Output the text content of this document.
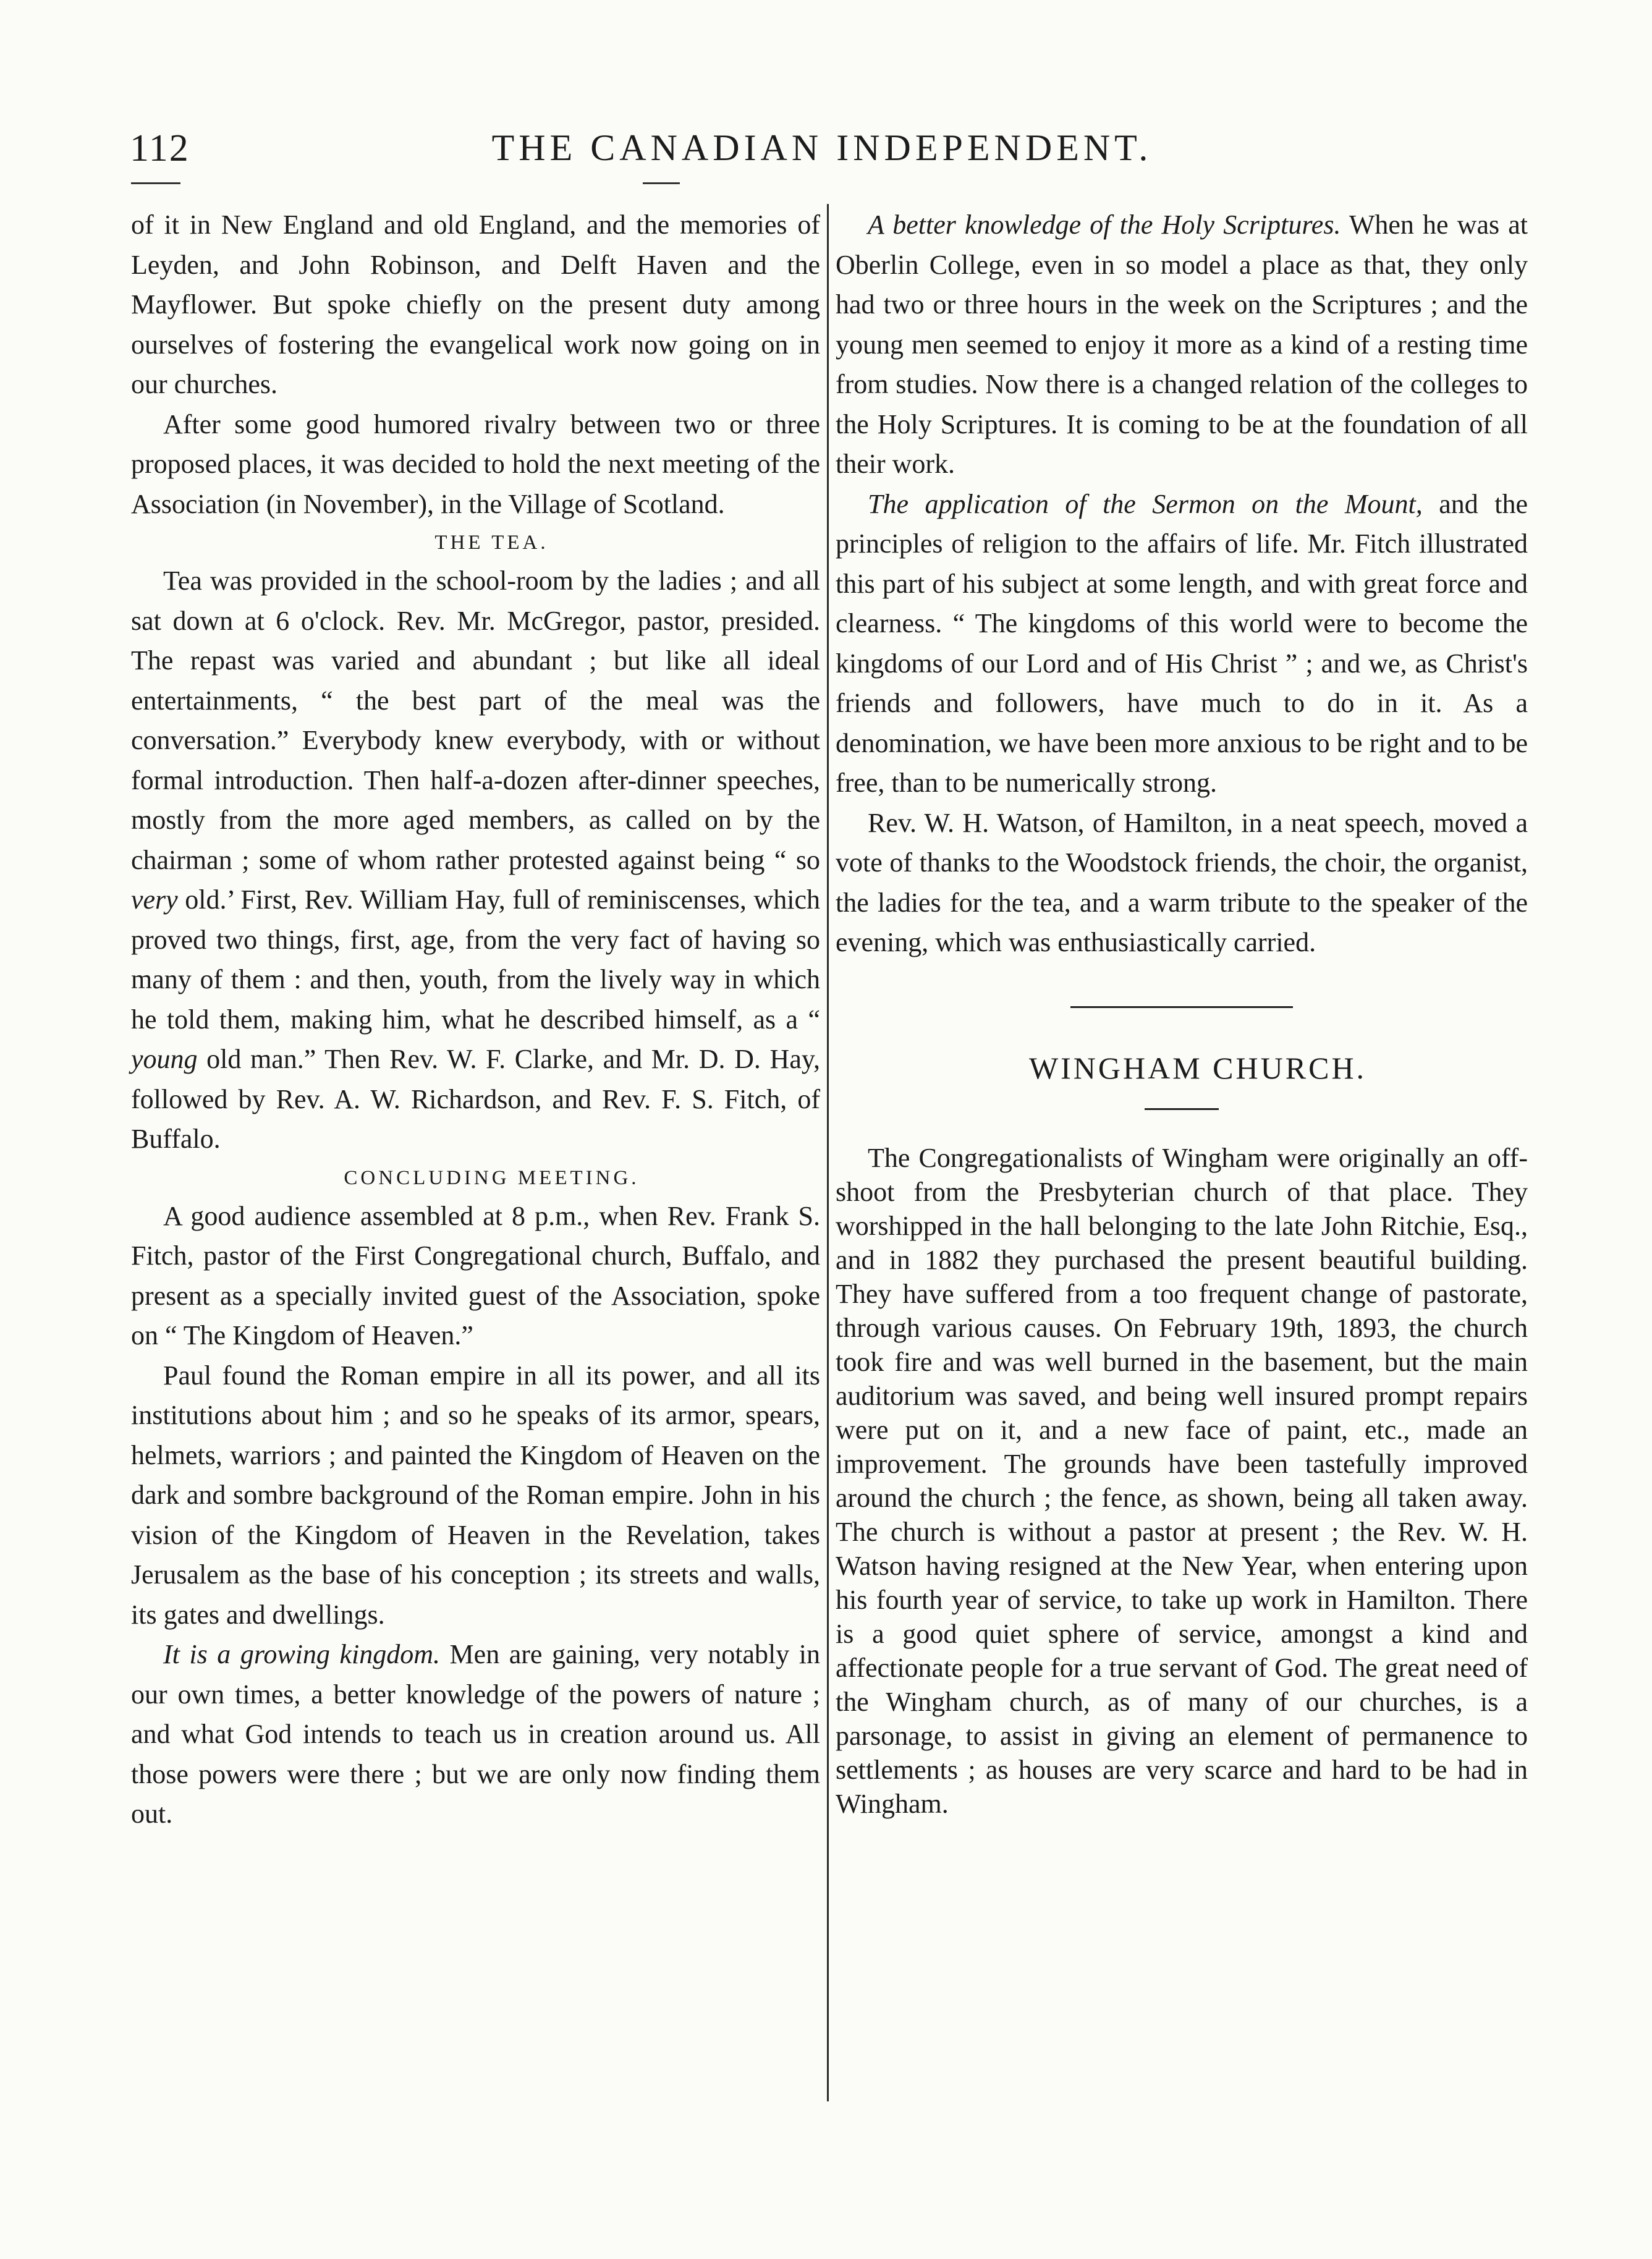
112	THE CANADIAN INDEPENDENT.

of it in New England and old England, and the memories of Leyden, and John Robinson, and Delft Haven and the Mayflower. But spoke chiefly on the present duty among ourselves of fostering the evangelical work now going on in our churches.

After some good humored rivalry between two or three proposed places, it was decided to hold the next meeting of the Association (in November), in the Village of Scotland.

THE TEA.

Tea was provided in the school-room by the ladies ; and all sat down at 6 o'clock. Rev. Mr. McGregor, pastor, presided. The repast was varied and abundant ; but like all ideal entertainments, “ the best part of the meal was the conversation.” Everybody knew everybody, with or without formal introduction. Then half-a-dozen after-dinner speeches, mostly from the more aged members, as called on by the chairman ; some of whom rather protested against being “ so very old.’ First, Rev. William Hay, full of reminiscenses, which proved two things, first, age, from the very fact of having so many of them : and then, youth, from the lively way in which he told them, making him, what he described himself, as a “ young old man.” Then Rev. W. F. Clarke, and Mr. D. D. Hay, followed by Rev. A. W. Richardson, and Rev. F. S. Fitch, of Buffalo.

CONCLUDING MEETING.

A good audience assembled at 8 p.m., when Rev. Frank S. Fitch, pastor of the First Congregational church, Buffalo, and present as a specially invited guest of the Association, spoke on “ The Kingdom of Heaven.”

Paul found the Roman empire in all its power, and all its institutions about him ; and so he speaks of its armor, spears, helmets, warriors ; and painted the Kingdom of Heaven on the dark and sombre background of the Roman empire. John in his vision of the Kingdom of Heaven in the Revelation, takes Jerusalem as the base of his conception ; its streets and walls, its gates and dwellings.

It is a growing kingdom. Men are gaining, very notably in our own times, a better knowledge of the powers of nature ; and what God intends to teach us in creation around us. All those powers were there ; but we are only now finding them out.

A better knowledge of the Holy Scriptures. When he was at Oberlin College, even in so model a place as that, they only had two or three hours in the week on the Scriptures ; and the young men seemed to enjoy it more as a kind of a resting time from studies. Now there is a changed relation of the colleges to the Holy Scriptures. It is coming to be at the foundation of all their work.

The application of the Sermon on the Mount, and the principles of religion to the affairs of life. Mr. Fitch illustrated this part of his subject at some length, and with great force and clearness. “ The kingdoms of this world were to become the kingdoms of our Lord and of His Christ ” ; and we, as Christ's friends and followers, have much to do in it. As a denomination, we have been more anxious to be right and to be free, than to be numerically strong.

Rev. W. H. Watson, of Hamilton, in a neat speech, moved a vote of thanks to the Woodstock friends, the choir, the organist, the ladies for the tea, and a warm tribute to the speaker of the evening, which was enthusiastically carried.

WINGHAM CHURCH.

The Congregationalists of Wingham were originally an off-shoot from the Presbyterian church of that place. They worshipped in the hall belonging to the late John Ritchie, Esq., and in 1882 they purchased the present beautiful building. They have suffered from a too frequent change of pastorate, through various causes. On February 19th, 1893, the church took fire and was well burned in the basement, but the main auditorium was saved, and being well insured prompt repairs were put on it, and a new face of paint, etc., made an improvement. The grounds have been tastefully improved around the church ; the fence, as shown, being all taken away. The church is without a pastor at present ; the Rev. W. H. Watson having resigned at the New Year, when entering upon his fourth year of service, to take up work in Hamilton. There is a good quiet sphere of service, amongst a kind and affectionate people for a true servant of God. The great need of the Wingham church, as of many of our churches, is a parsonage, to assist in giving an element of permanence to settlements ; as houses are very scarce and hard to be had in Wingham.
